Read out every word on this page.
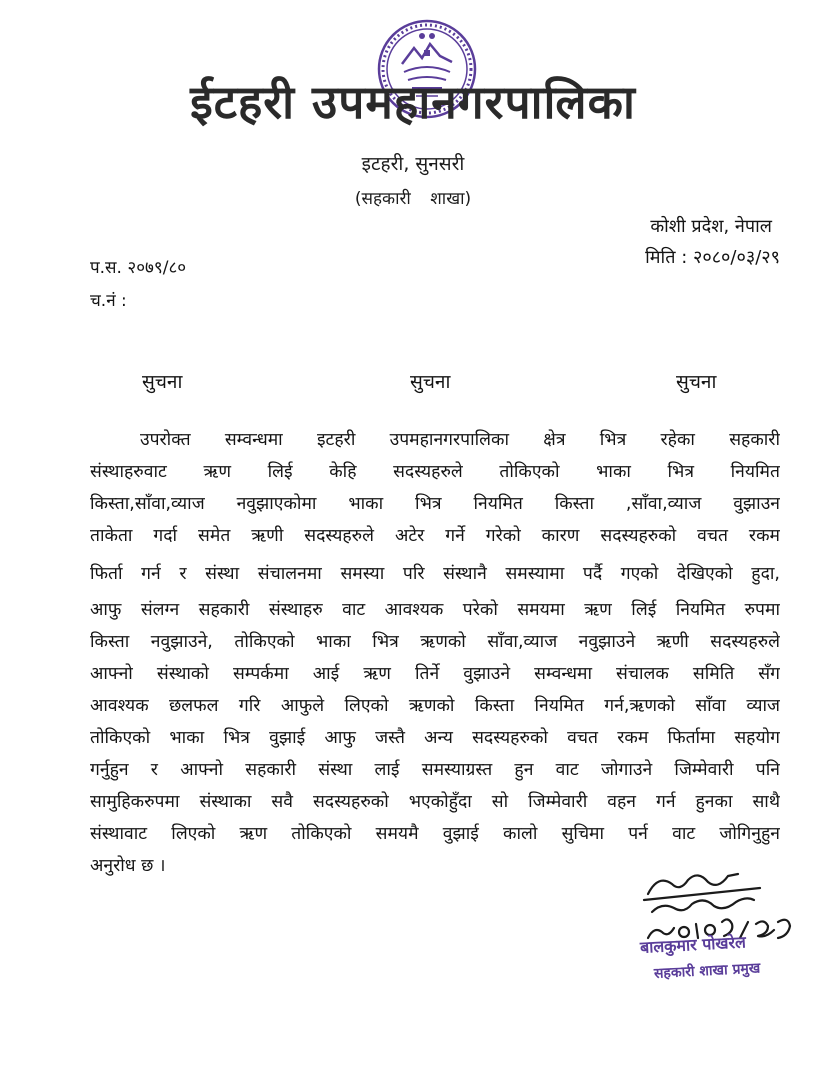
ईटहरी उपमहानगरपालिका
इटहरी, सुनसरी
(सहकारी शाखा)
कोशी प्रदेश, नेपाल
प.स. २०७९/८०
च.नं :
मिति : २०८०/०३/२९
सुचना	सुचना	सुचना
उपरोक्त सम्वन्धमा इटहरी उपमहानगरपालिका क्षेत्र भित्र रहेका सहकारी
संस्थाहरुवाट ऋण लिई केहि सदस्यहरुले तोकिएको भाका भित्र नियमित
किस्ता,साँवा,व्याज नवुझाएकोमा भाका भित्र नियमित किस्ता ,साँवा,व्याज वुझाउन
ताकेता गर्दा समेत ऋणी सदस्यहरुले अटेर गर्ने गरेको कारण सदस्यहरुको वचत रकम
फिर्ता गर्न र संस्था संचालनमा समस्या परि संस्थानै समस्यामा पर्दै गएको देखिएको हुदा,
आफु संलग्न सहकारी संस्थाहरु वाट आवश्यक परेको समयमा ऋण लिई नियमित रुपमा
किस्ता नवुझाउने, तोकिएको भाका भित्र ऋणको साँवा,व्याज नवुझाउने ऋणी सदस्यहरुले
आफ्नो संस्थाको सम्पर्कमा आई ऋण तिर्ने वुझाउने सम्वन्धमा संचालक समिति सँग
आवश्यक छलफल गरि आफुले लिएको ऋणको किस्ता नियमित गर्न,ऋणको साँवा व्याज
तोकिएको भाका भित्र वुझाई आफु जस्तै अन्य सदस्यहरुको वचत रकम फिर्तामा सहयोग
गर्नुहुन र आफ्नो सहकारी संस्था लाई समस्याग्रस्त हुन वाट जोगाउने जिम्मेवारी पनि
सामुहिकरुपमा संस्थाका सवै सदस्यहरुको भएकोहुँदा सो जिम्मेवारी वहन गर्न हुनका साथै
संस्थावाट लिएको ऋण तोकिएको समयमै वुझाई कालो सुचिमा पर्न वाट जोगिनुहुन
अनुरोध छ ।
बालकुमार पोखरेल
सहकारी शाखा प्रमुख
